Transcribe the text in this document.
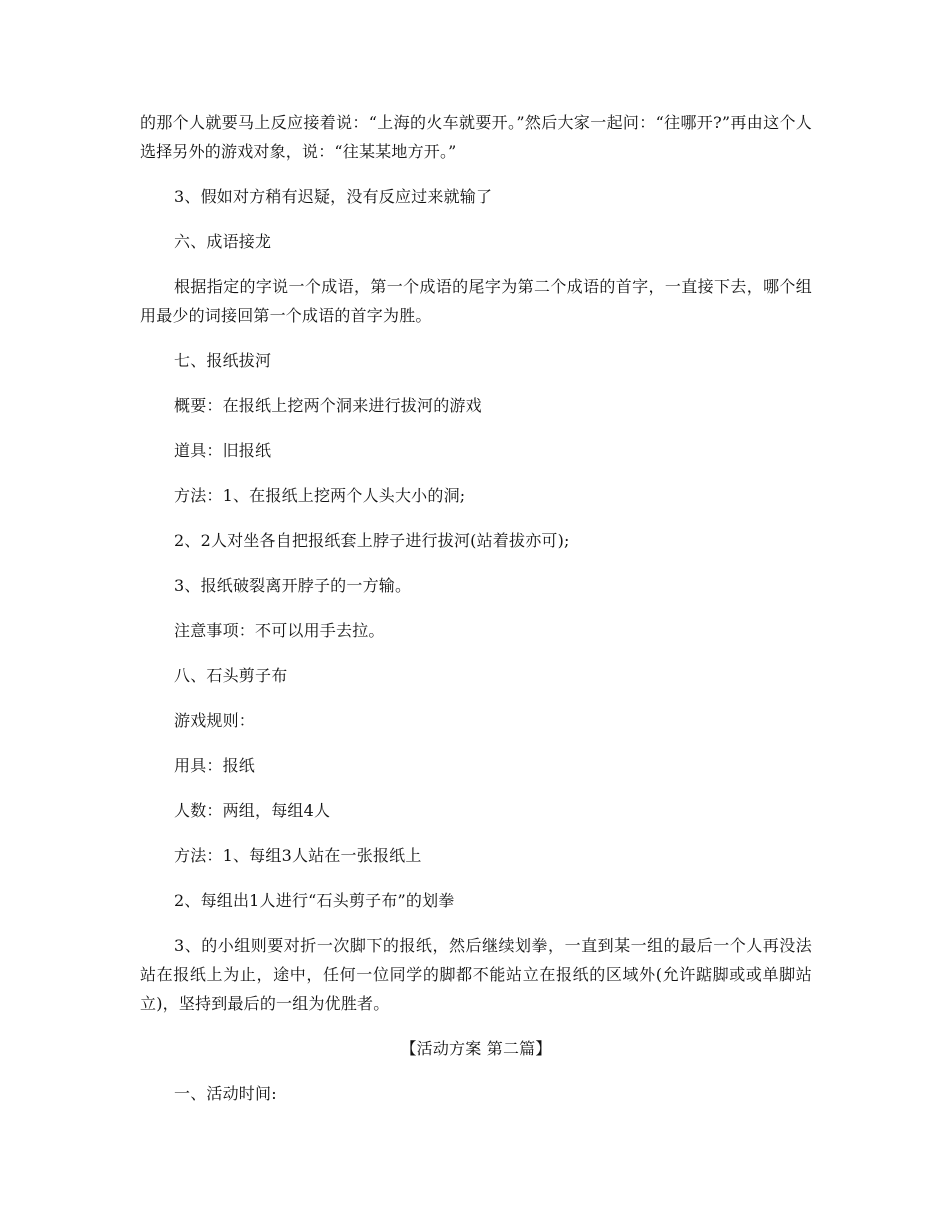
的那个人就要马上反应接着说：“上海的火车就要开。”然后大家一起问：“往哪开?”再由这个人选择另外的游戏对象，说：“往某某地方开。”

3、假如对方稍有迟疑，没有反应过来就输了

六、成语接龙

根据指定的字说一个成语，第一个成语的尾字为第二个成语的首字，一直接下去，哪个组用最少的词接回第一个成语的首字为胜。

七、报纸拔河

概要：在报纸上挖两个洞来进行拔河的游戏

道具：旧报纸

方法：1、在报纸上挖两个人头大小的洞;

2、2人对坐各自把报纸套上脖子进行拔河(站着拔亦可);

3、报纸破裂离开脖子的一方输。

注意事项：不可以用手去拉。

八、石头剪子布

游戏规则：

用具：报纸

人数：两组，每组4人

方法：1、每组3人站在一张报纸上

2、每组出1人进行“石头剪子布”的划拳

3、的小组则要对折一次脚下的报纸，然后继续划拳，一直到某一组的最后一个人再没法站在报纸上为止，途中，任何一位同学的脚都不能站立在报纸的区域外(允许踮脚或或单脚站立)，坚持到最后的一组为优胜者。

【活动方案 第二篇】

一、活动时间:
